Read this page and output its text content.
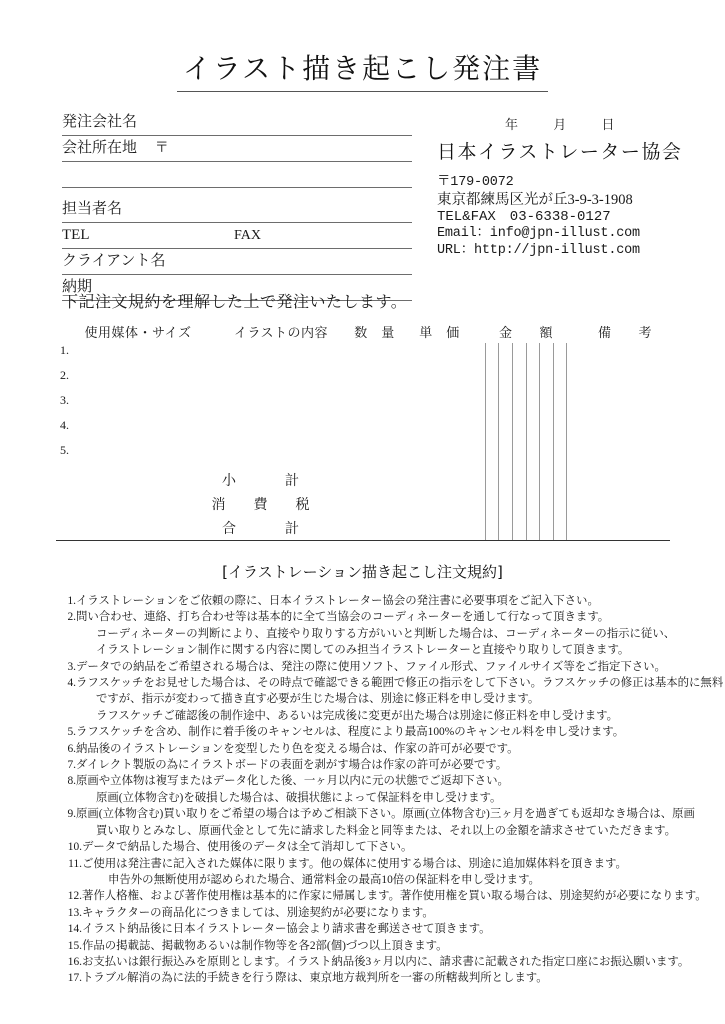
イラスト描き起こし発注書
年	月	日
発注会社名
会社所在地 〒
担当者名
TEL	FAX
クライアント名
納期
日本イラストレーター協会
〒179-0072
東京都練馬区光が丘3-9-3-1908
TEL&FAX　03-6338-0127
Email：info@jpn-illust.com
URL：http://jpn-illust.com
下記注文規約を理解した上で発注いたします。
使用媒体・サイズ	イラストの内容	数　量	単　価	金　　額	備　　考
1.				

2.				

3.				

4.				

5.				

小　　計				

消　費　税				

合　　計				

[イラストレーション描き起こし注文規約]
1. イラストレーションをご依頼の際に、日本イラストレーター協会の発注書に必要事項をご記入下さい。
2. 問い合わせ、連絡、打ち合わせ等は基本的に全て当協会のコーディネーターを通して行なって頂きます。
コーディネーターの判断により、直接やり取りする方がいいと判断した場合は、コーディネーターの指示に従い、
イラストレーション制作に関する内容に関してのみ担当イラストレーターと直接やり取りして頂きます。
3. データでの納品をご希望される場合は、発注の際に使用ソフト、ファイル形式、ファイルサイズ等をご指定下さい。
4. ラフスケッチをお見せした場合は、その時点で確認できる範囲で修正の指示をして下さい。ラフスケッチの修正は基本的に無料
ですが、指示が変わって描き直す必要が生じた場合は、別途に修正料を申し受けます。
ラフスケッチご確認後の制作途中、あるいは完成後に変更が出た場合は別途に修正料を申し受けます。
5. ラフスケッチを含め、制作に着手後のキャンセルは、程度により最高100%のキャンセル料を申し受けます。
6. 納品後のイラストレーションを変型したり色を変える場合は、作家の許可が必要です。
7. ダイレクト製版の為にイラストボードの表面を剥がす場合は作家の許可が必要です。
8. 原画や立体物は複写またはデータ化した後、一ヶ月以内に元の状態でご返却下さい。
原画(立体物含む)を破損した場合は、破損状態によって保証料を申し受けます。
9. 原画(立体物含む)買い取りをご希望の場合は予めご相談下さい。原画(立体物含む)三ヶ月を過ぎても返却なき場合は、原画
買い取りとみなし、原画代金として先に請求した料金と同等または、それ以上の金額を請求させていただきます。
10. データで納品した場合、使用後のデータは全て消却して下さい。
11. ご使用は発注書に記入された媒体に限ります。他の媒体に使用する場合は、別途に追加媒体料を頂きます。
申告外の無断使用が認められた場合、通常料金の最高10倍の保証料を申し受けます。
12. 著作人格権、および著作使用権は基本的に作家に帰属します。著作使用権を買い取る場合は、別途契約が必要になります。
13. キャラクターの商品化につきましては、別途契約が必要になります。
14. イラスト納品後に日本イラストレーター協会より請求書を郵送させて頂きます。
15. 作品の掲載誌、掲載物あるいは制作物等を各2部(個)づつ以上頂きます。
16. お支払いは銀行振込みを原則とします。イラスト納品後3ヶ月以内に、請求書に記載された指定口座にお振込願います。
17. トラブル解消の為に法的手続きを行う際は、東京地方裁判所を一審の所轄裁判所とします。
